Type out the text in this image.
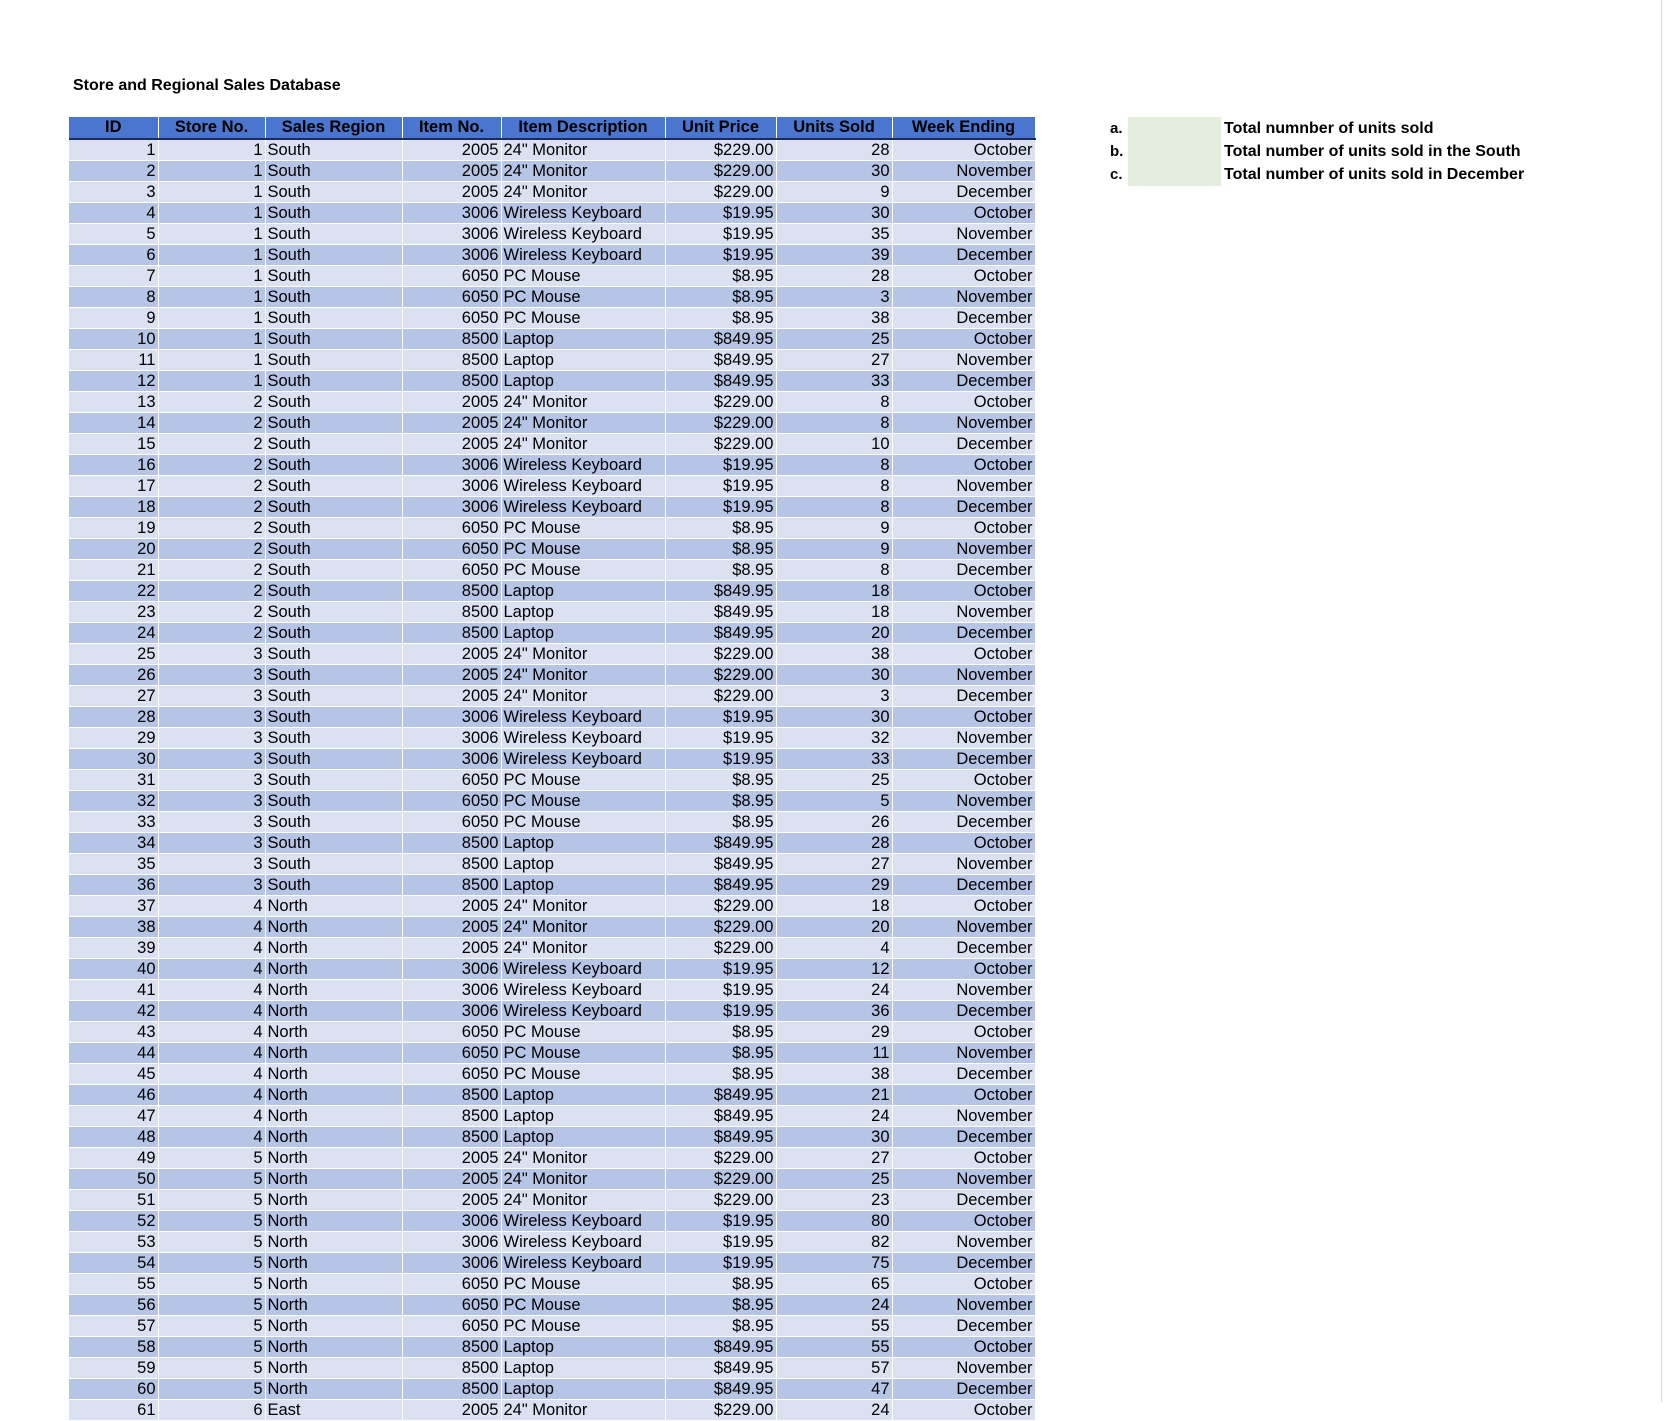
Store and Regional Sales Database
ID	Store No.	Sales Region	Item No.	Item Description	Unit Price	Units Sold	Week Ending
1	1	South	2005	24" Monitor	$229.00	28	October
2	1	South	2005	24" Monitor	$229.00	30	November
3	1	South	2005	24" Monitor	$229.00	9	December
4	1	South	3006	Wireless Keyboard	$19.95	30	October
5	1	South	3006	Wireless Keyboard	$19.95	35	November
6	1	South	3006	Wireless Keyboard	$19.95	39	December
7	1	South	6050	PC Mouse	$8.95	28	October
8	1	South	6050	PC Mouse	$8.95	3	November
9	1	South	6050	PC Mouse	$8.95	38	December
10	1	South	8500	Laptop	$849.95	25	October
11	1	South	8500	Laptop	$849.95	27	November
12	1	South	8500	Laptop	$849.95	33	December
13	2	South	2005	24" Monitor	$229.00	8	October
14	2	South	2005	24" Monitor	$229.00	8	November
15	2	South	2005	24" Monitor	$229.00	10	December
16	2	South	3006	Wireless Keyboard	$19.95	8	October
17	2	South	3006	Wireless Keyboard	$19.95	8	November
18	2	South	3006	Wireless Keyboard	$19.95	8	December
19	2	South	6050	PC Mouse	$8.95	9	October
20	2	South	6050	PC Mouse	$8.95	9	November
21	2	South	6050	PC Mouse	$8.95	8	December
22	2	South	8500	Laptop	$849.95	18	October
23	2	South	8500	Laptop	$849.95	18	November
24	2	South	8500	Laptop	$849.95	20	December
25	3	South	2005	24" Monitor	$229.00	38	October
26	3	South	2005	24" Monitor	$229.00	30	November
27	3	South	2005	24" Monitor	$229.00	3	December
28	3	South	3006	Wireless Keyboard	$19.95	30	October
29	3	South	3006	Wireless Keyboard	$19.95	32	November
30	3	South	3006	Wireless Keyboard	$19.95	33	December
31	3	South	6050	PC Mouse	$8.95	25	October
32	3	South	6050	PC Mouse	$8.95	5	November
33	3	South	6050	PC Mouse	$8.95	26	December
34	3	South	8500	Laptop	$849.95	28	October
35	3	South	8500	Laptop	$849.95	27	November
36	3	South	8500	Laptop	$849.95	29	December
37	4	North	2005	24" Monitor	$229.00	18	October
38	4	North	2005	24" Monitor	$229.00	20	November
39	4	North	2005	24" Monitor	$229.00	4	December
40	4	North	3006	Wireless Keyboard	$19.95	12	October
41	4	North	3006	Wireless Keyboard	$19.95	24	November
42	4	North	3006	Wireless Keyboard	$19.95	36	December
43	4	North	6050	PC Mouse	$8.95	29	October
44	4	North	6050	PC Mouse	$8.95	11	November
45	4	North	6050	PC Mouse	$8.95	38	December
46	4	North	8500	Laptop	$849.95	21	October
47	4	North	8500	Laptop	$849.95	24	November
48	4	North	8500	Laptop	$849.95	30	December
49	5	North	2005	24" Monitor	$229.00	27	October
50	5	North	2005	24" Monitor	$229.00	25	November
51	5	North	2005	24" Monitor	$229.00	23	December
52	5	North	3006	Wireless Keyboard	$19.95	80	October
53	5	North	3006	Wireless Keyboard	$19.95	82	November
54	5	North	3006	Wireless Keyboard	$19.95	75	December
55	5	North	6050	PC Mouse	$8.95	65	October
56	5	North	6050	PC Mouse	$8.95	24	November
57	5	North	6050	PC Mouse	$8.95	55	December
58	5	North	8500	Laptop	$849.95	55	October
59	5	North	8500	Laptop	$849.95	57	November
60	5	North	8500	Laptop	$849.95	47	December
61	6	East	2005	24" Monitor	$229.00	24	October
a.	Total numnber of units sold
b.	Total number of units sold in the South
c.	Total number of units sold in December
